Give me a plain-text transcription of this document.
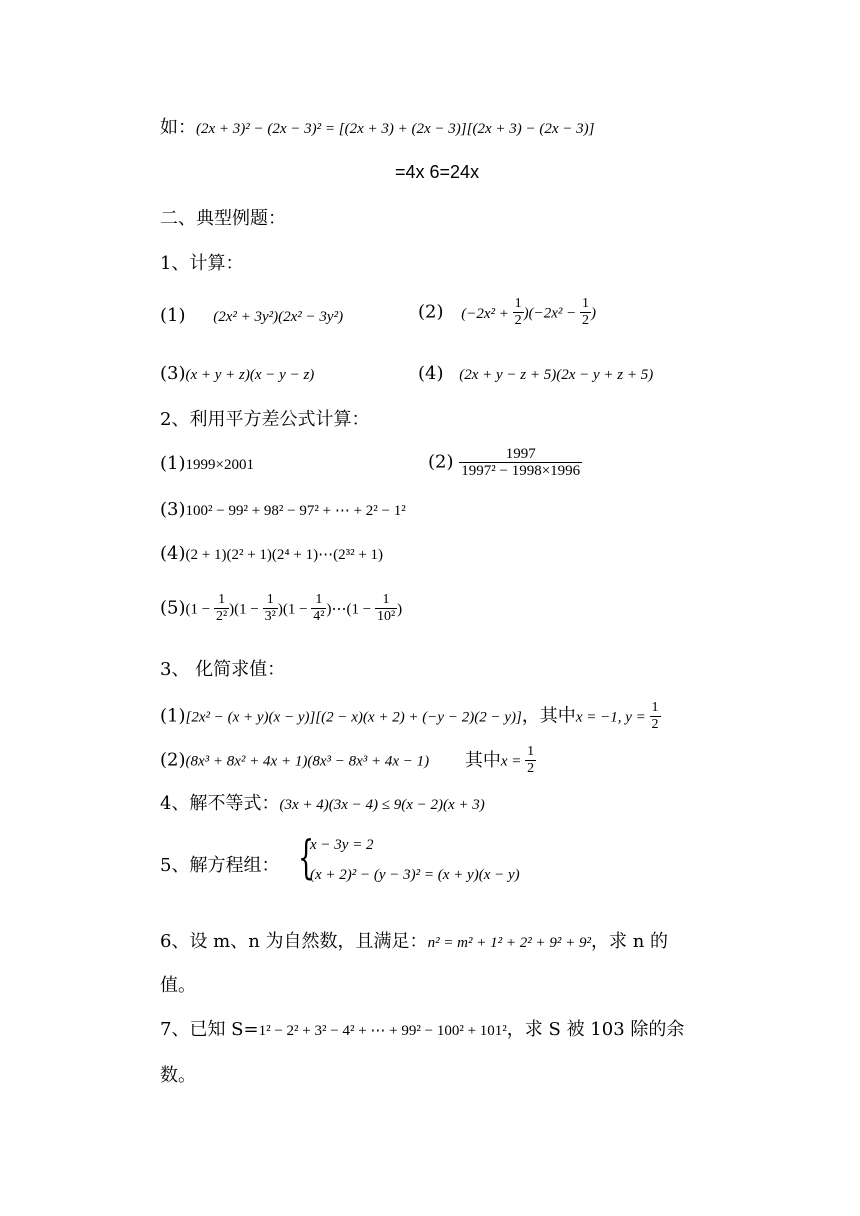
如：(2x + 3)² − (2x − 3)² = [(2x + 3) + (2x − 3)][(2x + 3) − (2x − 3)]
=4x 6=24x
二、典型例题：
1、计算：
(1) (2x² + 3y²)(2x² − 3y²)	(2) $(-2x^2 + \frac{1}{2} )(-2x^2 - \frac{1}{2}$ )
(3)(x + y + z)(x − y − z)	(4) (2x + y − z + 5)(2x − y + z + 5)
2、利用平方差公式计算：
(1)1999×2001	$(2) \frac{1997}{\text{1997² − 1998×1996}}$
(3)100² − 99² + 98² − 97² + ⋯ + 2² − 1²
(4)(2 + 1)(2² + 1)(2⁴ + 1)⋯(2³² + 1)
$(5)(1 - \frac{1}{\text{2²}} )(1 - \frac{1}{\text{3²}} )(1 - \frac{1}{\text{4²}}$ )⋯(1 − $\frac{1}{\text{10²}}$ )
3、 化简求值：
(1)[2x² − (x + y)(x − y)][(2 − x)(x + 2) + (−y − 2)(2 − y)]，其中x = −1, $y = \frac{1}{2}$
(2)(8x³ + 8x² + 4x + 1)(8x³ − 8x³ + 4x − 1) 其中$x = \frac{1}{2}$
4、解不等式：(3x + 4)(3x − 4) ≤ 9(x − 2)(x + 3)
5、解方程组： {
x − 3y = 2
(x + 2)² − (y − 3)² = (x + y)(x − y)
6、设 m、n 为自然数，且满足：n² = m² + 1² + 2² + 9² + 9²，求 n 的
值。
7、已知 S=1² − 2² + 3² − 4² + ⋯ + 99² − 100² + 101²，求 S 被 103 除的余
数。
